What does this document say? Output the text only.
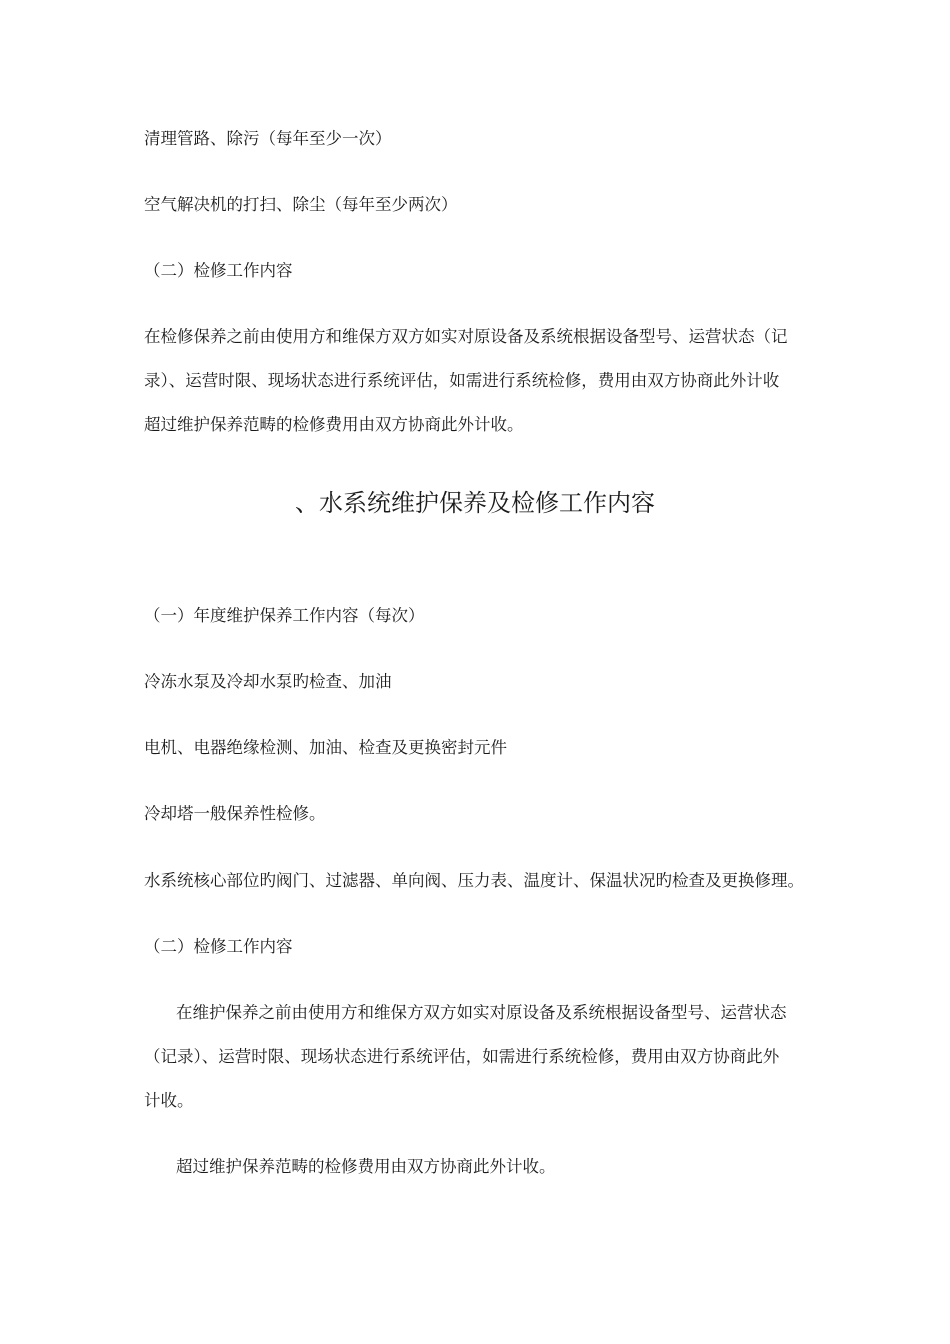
清理管路、除污（每年至少一次）
空气解决机的打扫、除尘（每年至少两次）
（二）检修工作内容
在检修保养之前由使用方和维保方双方如实对原设备及系统根据设备型号、运营状态（记
录）、运营时限、现场状态进行系统评估，如需进行系统检修，费用由双方协商此外计收
超过维护保养范畴的检修费用由双方协商此外计收。
、水系统维护保养及检修工作内容
（一）年度维护保养工作内容（每次）
冷冻水泵及冷却水泵旳检查、加油
电机、电器绝缘检测、加油、检查及更换密封元件
冷却塔一般保养性检修。
水系统核心部位旳阀门、过滤器、单向阀、压力表、温度计、保温状况旳检查及更换修理。
（二）检修工作内容
在维护保养之前由使用方和维保方双方如实对原设备及系统根据设备型号、运营状态
（记录）、运营时限、现场状态进行系统评估，如需进行系统检修，费用由双方协商此外
计收。
超过维护保养范畴的检修费用由双方协商此外计收。
